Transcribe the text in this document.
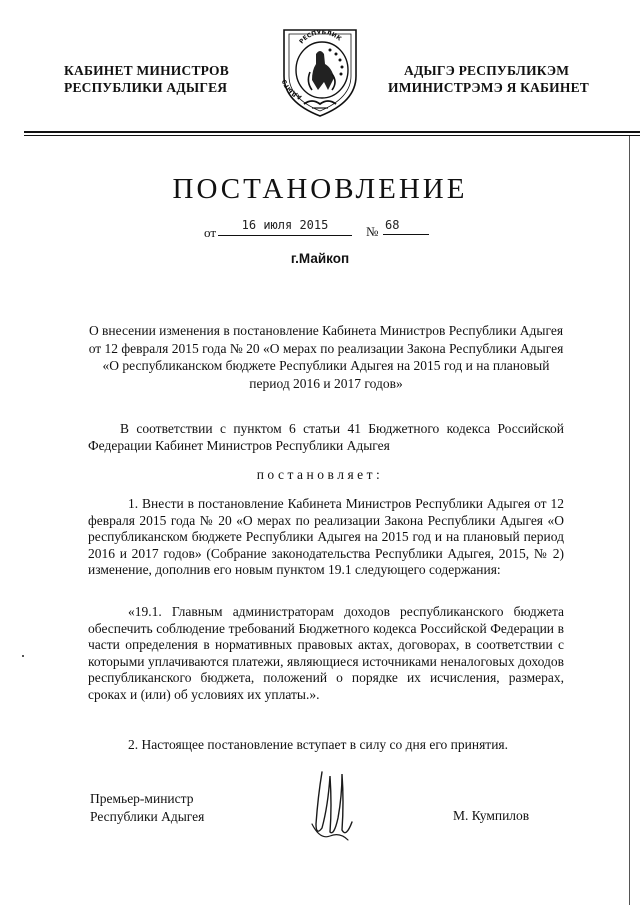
КАБИНЕТ МИНИСТРОВ
РЕСПУБЛИКИ АДЫГЕЯ
АДЫГЭ
РЕСПУБЛИК
АДЫГЭ РЕСПУБЛИКЭМ
ИМИНИСТРЭМЭ Я КАБИНЕТ
ПОСТАНОВЛЕНИЕ
от	16 июля 2015	№ 68
г.Майкоп
О внесении изменения в постановление Кабинета Министров Республики Адыгея от 12 февраля 2015 года № 20 «О мерах по реализации Закона Республики Адыгея «О республиканском бюджете Республики Адыгея на 2015 год и на плановый период 2016 и 2017 годов»
В соответствии с пунктом 6 статьи 41 Бюджетного кодекса Российской Федерации Кабинет Министров Республики Адыгея
постановляет:
1. Внести в постановление Кабинета Министров Республики Адыгея от 12 февраля 2015 года № 20 «О мерах по реализации Закона Республики Адыгея «О республиканском бюджете Республики Адыгея на 2015 год и на плановый период 2016 и 2017 годов» (Собрание законодательства Республики Адыгея, 2015, № 2) изменение, дополнив его новым пунктом 19.1 следующего содержания:
«19.1. Главным администраторам доходов республиканского бюджета обеспечить соблюдение требований Бюджетного кодекса Российской Федерации в части определения в нормативных правовых актах, договорах, в соответствии с которыми уплачиваются платежи, являющиеся источниками неналоговых доходов республиканского бюджета, положений о порядке их исчисления, размерах, сроках и (или) об условиях их уплаты.».
2. Настоящее постановление вступает в силу со дня его принятия.
Премьер-министр
Республики Адыгея	М. Кумпилов
